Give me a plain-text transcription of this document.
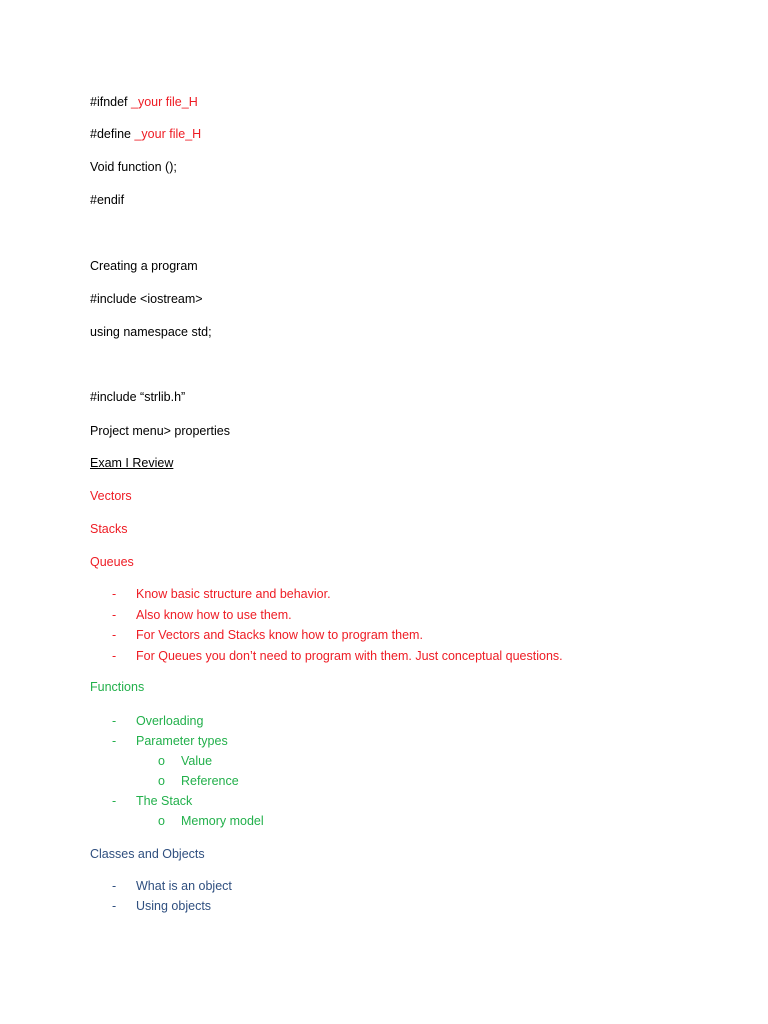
#ifndef _your file_H
#define _your file_H
Void function ();
#endif
Creating a program
#include <iostream>
using namespace std;
#include “strlib.h”
Project menu> properties
Exam I Review
Vectors
Stacks
Queues
- Know basic structure and behavior.
- Also know how to use them.
- For Vectors and Stacks know how to program them.
- For Queues you don’t need to program with them. Just conceptual questions.
Functions
- Overloading
- Parameter types
o Value
o Reference
- The Stack
o Memory model
Classes and Objects
- What is an object
- Using objects
